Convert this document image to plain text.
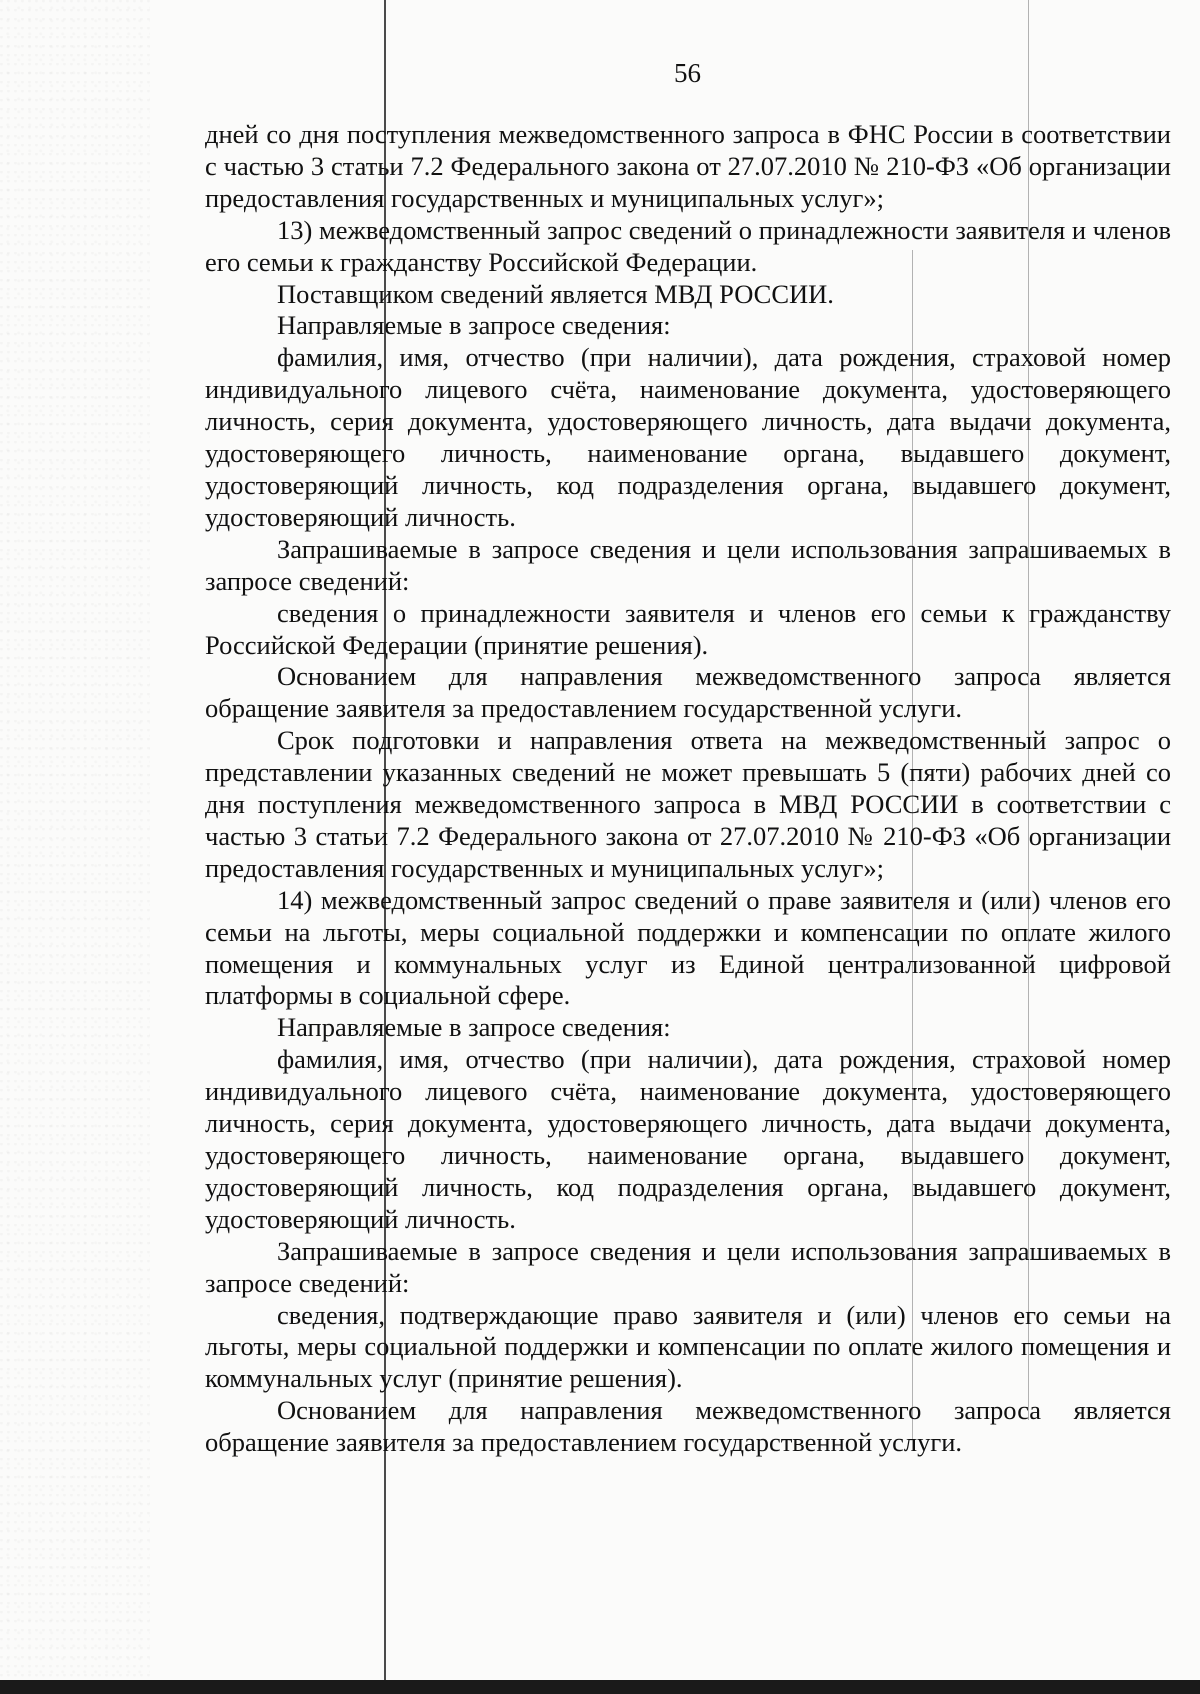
56

дней со дня поступления межведомственного запроса в ФНС России в соответствии с частью 3 статьи 7.2 Федерального закона от 27.07.2010 № 210-ФЗ «Об организации предоставления государственных и муниципальных услуг»;

13) межведомственный запрос сведений о принадлежности заявителя и членов его семьи к гражданству Российской Федерации.

Поставщиком сведений является МВД РОССИИ.

Направляемые в запросе сведения:

фамилия, имя, отчество (при наличии), дата рождения, страховой номер индивидуального лицевого счёта, наименование документа, удостоверяющего личность, серия документа, удостоверяющего личность, дата выдачи документа, удостоверяющего личность, наименование органа, выдавшего документ, удостоверяющий личность, код подразделения органа, выдавшего документ, удостоверяющий личность.

Запрашиваемые в запросе сведения и цели использования запрашиваемых в запросе сведений:

сведения о принадлежности заявителя и членов его семьи к гражданству Российской Федерации (принятие решения).

Основанием для направления межведомственного запроса является обращение заявителя за предоставлением государственной услуги.

Срок подготовки и направления ответа на межведомственный запрос о представлении указанных сведений не может превышать 5 (пяти) рабочих дней со дня поступления межведомственного запроса в МВД РОССИИ в соответствии с частью 3 статьи 7.2 Федерального закона от 27.07.2010 № 210-ФЗ «Об организации предоставления государственных и муниципальных услуг»;

14) межведомственный запрос сведений о праве заявителя и (или) членов его семьи на льготы, меры социальной поддержки и компенсации по оплате жилого помещения и коммунальных услуг из Единой централизованной цифровой платформы в социальной сфере.

Направляемые в запросе сведения:

фамилия, имя, отчество (при наличии), дата рождения, страховой номер индивидуального лицевого счёта, наименование документа, удостоверяющего личность, серия документа, удостоверяющего личность, дата выдачи документа, удостоверяющего личность, наименование органа, выдавшего документ, удостоверяющий личность, код подразделения органа, выдавшего документ, удостоверяющий личность.

Запрашиваемые в запросе сведения и цели использования запрашиваемых в запросе сведений:

сведения, подтверждающие право заявителя и (или) членов его семьи на льготы, меры социальной поддержки и компенсации по оплате жилого помещения и коммунальных услуг (принятие решения).

Основанием для направления межведомственного запроса является обращение заявителя за предоставлением государственной услуги.
